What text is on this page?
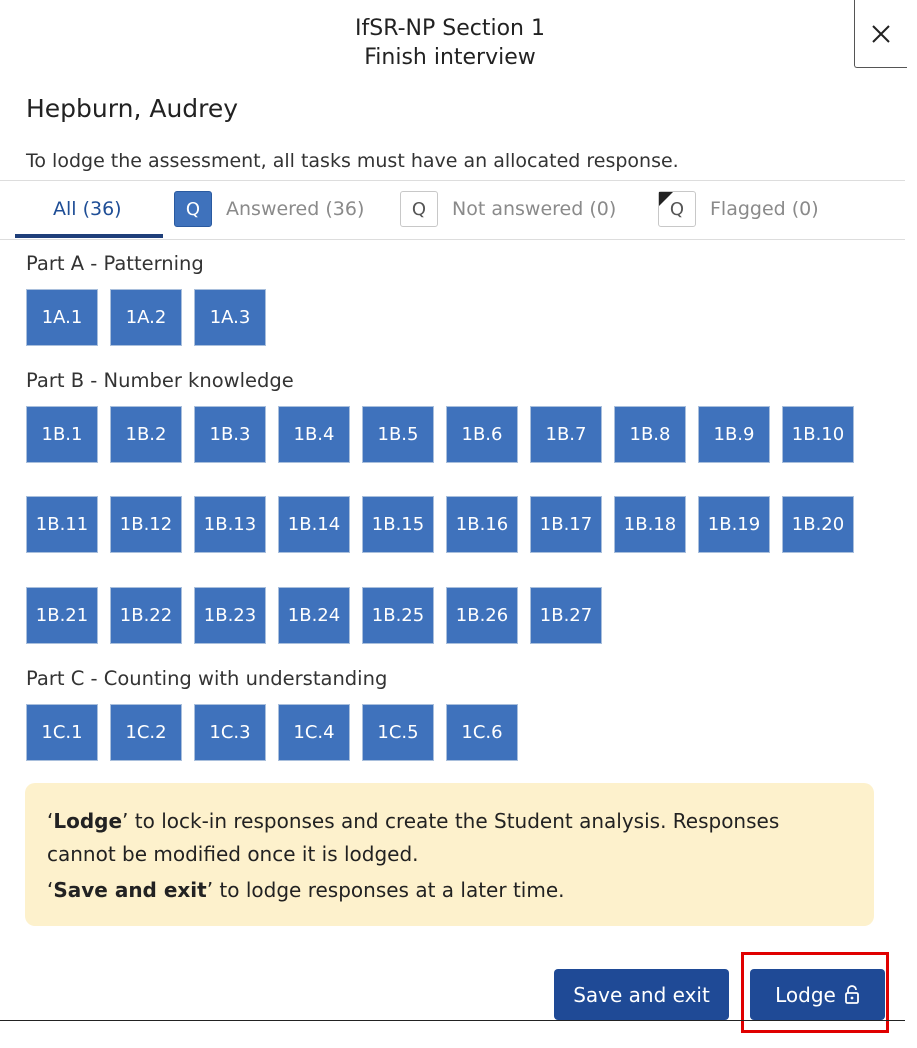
IfSR-NP Section 1
Finish interview
Hepburn, Audrey
To lodge the assessment, all tasks must have an allocated response.
All (36)	Q	Answered (36)	Q	Not answered (0)	Q Flagged (0)
Part A - Patterning
1A.1	1A.2	1A.3
Part B - Number knowledge
1B.1	1B.2	1B.3	1B.4	1B.5	1B.6	1B.7	1B.8	1B.9	1B.10
1B.11	1B.12	1B.13	1B.14	1B.15	1B.16	1B.17	1B.18	1B.19	1B.20
1B.21	1B.22	1B.23	1B.24	1B.25	1B.26	1B.27
Part C - Counting with understanding
1C.1	1C.2	1C.3	1C.4	1C.5	1C.6

‘Lodge’ to lock-in responses and create the Student analysis. Responses cannot be modified once it is lodged.

‘Save and exit’ to lodge responses at a later time.

Save and exit	Lodge
